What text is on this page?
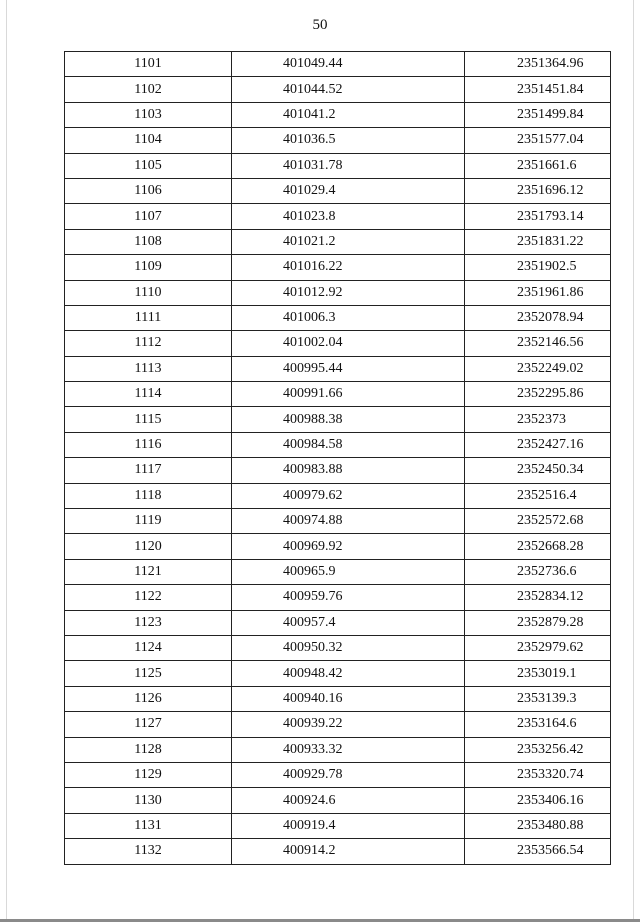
50
1101	401049.44	2351364.96
1102	401044.52	2351451.84
1103	401041.2	2351499.84
1104	401036.5	2351577.04
1105	401031.78	2351661.6
1106	401029.4	2351696.12
1107	401023.8	2351793.14
1108	401021.2	2351831.22
1109	401016.22	2351902.5
1110	401012.92	2351961.86
1111	401006.3	2352078.94
1112	401002.04	2352146.56
1113	400995.44	2352249.02
1114	400991.66	2352295.86
1115	400988.38	2352373
1116	400984.58	2352427.16
1117	400983.88	2352450.34
1118	400979.62	2352516.4
1119	400974.88	2352572.68
1120	400969.92	2352668.28
1121	400965.9	2352736.6
1122	400959.76	2352834.12
1123	400957.4	2352879.28
1124	400950.32	2352979.62
1125	400948.42	2353019.1
1126	400940.16	2353139.3
1127	400939.22	2353164.6
1128	400933.32	2353256.42
1129	400929.78	2353320.74
1130	400924.6	2353406.16
1131	400919.4	2353480.88
1132	400914.2	2353566.54
